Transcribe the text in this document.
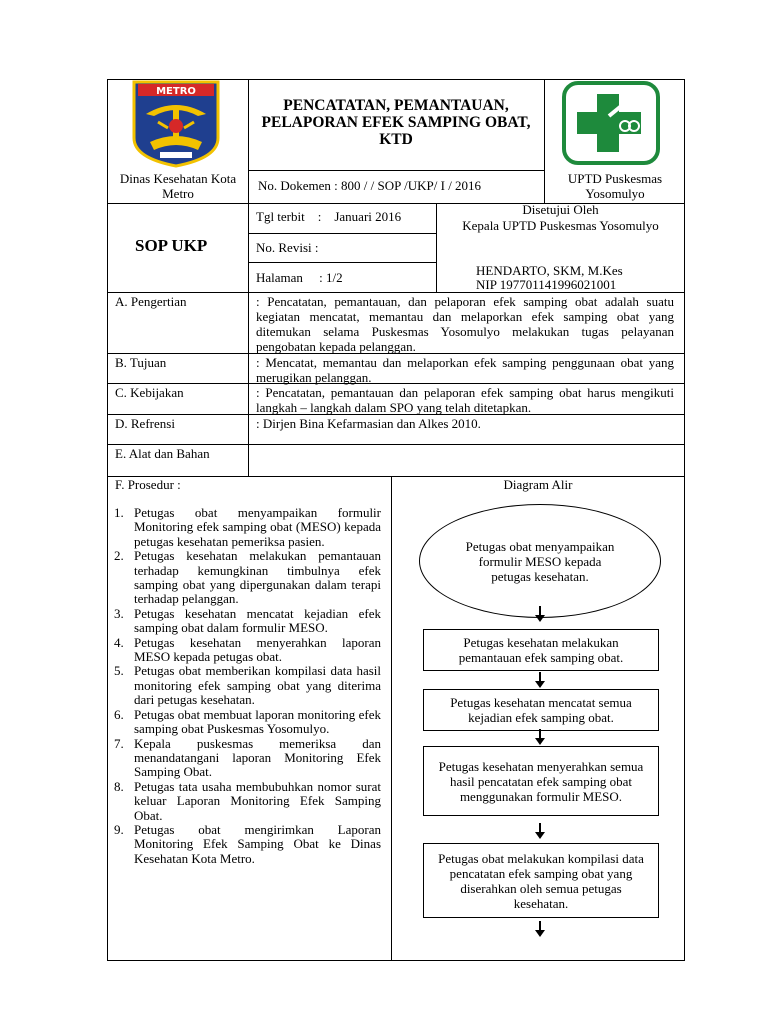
METRO
Dinas Kesehatan Kota Metro
PENCATATAN, PEMANTAUAN, PELAPORAN EFEK SAMPING OBAT, KTD
No. Dokemen : 800 / / SOP /UKP/ I / 2016	UPTD Puskesmas Yosomulyo
SOP UKP
Tgl terbit    :    Januari 2016
No. Revisi :
Halaman     : 1/2
Disetujui Oleh
Kepala UPTD Puskesmas Yosomulyo
HENDARTO, SKM, M.Kes
NIP 197701141996021001
A. Pengertian	: Pencatatan, pemantauan, dan pelaporan efek samping obat adalah suatu kegiatan mencatat, memantau dan melaporkan efek samping obat yang ditemukan selama Puskesmas Yosomulyo melakukan tugas pelayanan pengobatan kepada pelanggan.
B. Tujuan	: Mencatat, memantau dan melaporkan efek samping penggunaan obat yang merugikan pelanggan.
C. Kebijakan	: Pencatatan, pemantauan dan pelaporan efek samping obat harus mengikuti langkah – langkah dalam SPO yang telah ditetapkan.
D. Refrensi	: Dirjen Bina Kefarmasian dan Alkes 2010.
E. Alat dan Bahan
F. Prosedur :
1. Petugas obat menyampaikan formulir Monitoring efek samping obat (MESO) kepada petugas kesehatan pemeriksa pasien.
2. Petugas kesehatan melakukan pemantauan terhadap kemungkinan timbulnya efek samping obat yang dipergunakan dalam terapi terhadap pelanggan.
3. Petugas kesehatan mencatat kejadian efek samping obat dalam formulir MESO.
4. Petugas kesehatan menyerahkan laporan MESO kepada petugas obat.
5. Petugas obat memberikan kompilasi data hasil monitoring efek samping obat yang diterima dari petugas kesehatan.
6. Petugas obat membuat laporan monitoring efek samping obat Puskesmas Yosomulyo.
7. Kepala puskesmas memeriksa dan menandatangani laporan Monitoring Efek Samping Obat.
8. Petugas tata usaha membubuhkan nomor surat keluar Laporan Monitoring Efek Samping Obat.
9. Petugas obat mengirimkan Laporan Monitoring Efek Samping Obat ke Dinas Kesehatan Kota Metro.
Diagram Alir
Petugas obat menyampaikan formulir MESO kepada petugas kesehatan.
Petugas kesehatan melakukan pemantauan efek samping obat.
Petugas kesehatan mencatat semua kejadian efek samping obat.
Petugas kesehatan menyerahkan semua hasil pencatatan efek samping obat menggunakan formulir MESO.
Petugas obat melakukan kompilasi data pencatatan efek samping obat yang diserahkan oleh semua petugas kesehatan.
